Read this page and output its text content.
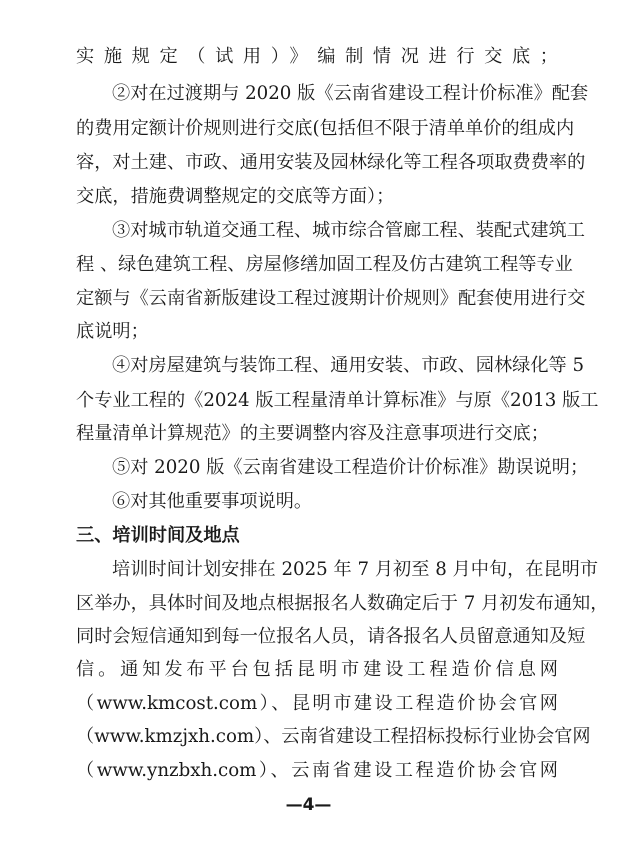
实施规定（试用）》编制情况进行交底；
②对在过渡期与 2020 版《云南省建设工程计价标准》配套
的费用定额计价规则进行交底(包括但不限于清单单价的组成内
容，对土建、市政、通用安装及园林绿化等工程各项取费费率的
交底，措施费调整规定的交底等方面）；
③对城市轨道交通工程、城市综合管廊工程、装配式建筑工
程 、绿色建筑工程、房屋修缮加固工程及仿古建筑工程等专业
定额与《云南省新版建设工程过渡期计价规则》配套使用进行交
底说明；
④对房屋建筑与装饰工程、通用安装、市政、园林绿化等 5
个专业工程的《2024 版工程量清单计算标准》与原《2013 版工
程量清单计算规范》的主要调整内容及注意事项进行交底；
⑤对 2020 版《云南省建设工程造价计价标准》勘误说明；
⑥对其他重要事项说明。
三、培训时间及地点
培训时间计划安排在 2025 年 7 月初至 8 月中旬，在昆明市
区举办，具体时间及地点根据报名人数确定后于 7 月初发布通知，
同时会短信通知到每一位报名人员，请各报名人员留意通知及短
信。通知发布平台包括昆明市建设工程造价信息网
（www.kmcost.com）、昆明市建设工程造价协会官网
（www.kmzjxh.com）、云南省建设工程招标投标行业协会官网
（www.ynzbxh.com）、云南省建设工程造价协会官网
—4—
